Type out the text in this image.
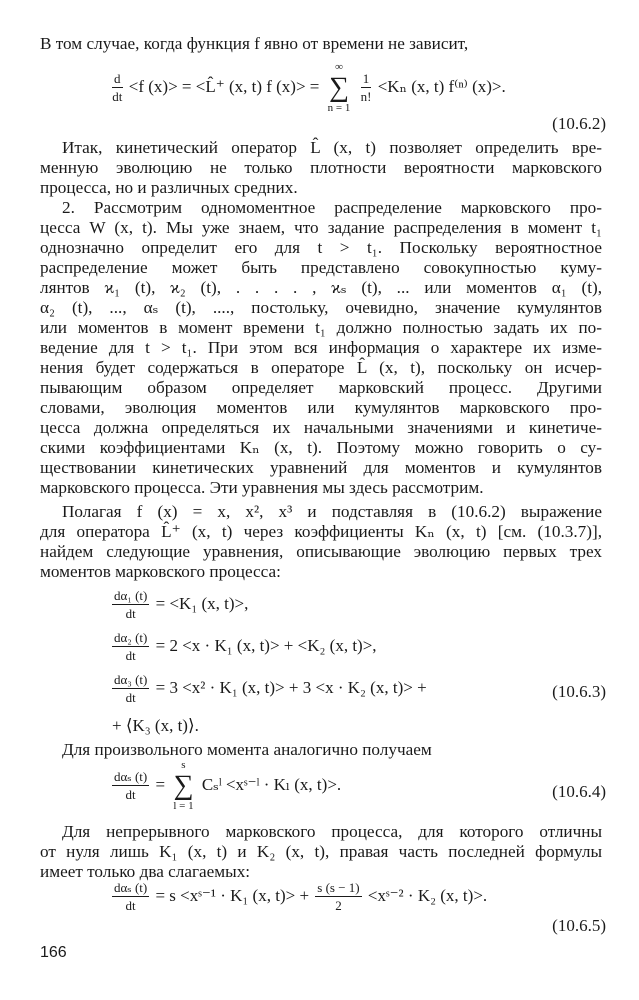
В том случае, когда функция f явно от времени не зависит,
$\frac{d}{dt} <f$ (x)> = <L̂⁺ (x, t) f (x)> =
∞
∑
n = 1

$\frac{1}{n!} <K_n$ (x, t) f⁽ⁿ⁾ (x)>.
(10.6.2)
Итак, кинетический оператор L̂ (x, t) позволяет определить вре-
менную эволюцию не только плотности вероятности марковского
процесса, но и различных средних.
2. Рассмотрим одномоментное распределение марковского про-
цесса W (x, t). Мы уже знаем, что задание распределения в момент t₁
однозначно определит его для t > t₁. Поскольку вероятностное
распределение может быть представлено совокупностью куму-
лянтов ϰ₁ (t), ϰ₂ (t), . . . . , ϰₛ (t), ... или моментов α₁ (t),
α₂ (t), ..., αₛ (t), ...., постольку, очевидно, значение кумулянтов
или моментов в момент времени t₁ должно полностью задать их по-
ведение для t > t₁. При этом вся информация о характере их изме-
нения будет содержаться в операторе L̂ (x, t), поскольку он исчер-
пывающим образом определяет марковский процесс. Другими
словами, эволюция моментов или кумулянтов марковского про-
цесса должна определяться их начальными значениями и кинетиче-
скими коэффициентами Kₙ (x, t). Поэтому можно говорить о су-
ществовании кинетических уравнений для моментов и кумулянтов
марковского процесса. Эти уравнения мы здесь рассмотрим.
Полагая f (x) = x, x², x³ и подставляя в (10.6.2) выражение
для оператора L̂⁺ (x, t) через коэффициенты Kₙ (x, t) [см. (10.3.7)],
найдем следующие уравнения, описывающие эволюцию первых трех
моментов марковского процесса:
$\frac{\text{dα₁ (t)}}{dt} = <K_1$ (x, t)>,
$\frac{\text{dα₂ (t)}}{dt} = 2 <x \cdot K_1$ (x, t)> + <K₂ (x, t)>,
$\frac{\text{dα₃ (t)}}{dt} = 3 <x^2 \cdot K_1$ (x, t)> + 3 <x · K₂ (x, t)> +	(10.6.3)
+ ⟨K₃ (x, t)⟩.
Для произвольного момента аналогично получаем
$\frac{\text{dαₛ (t)}}{dt}$ =
s
∑
l = 1
Cₛˡ <xˢ⁻ˡ · Kₗ (x, t)>.	(10.6.4)
Для непрерывного марковского процесса, для которого отличны
от нуля лишь K₁ (x, t) и K₂ (x, t), правая часть последней формулы
имеет только два слагаемых:
$\frac{\text{dαₛ (t)}}{dt} = s$ <xˢ⁻¹ · K₁ (x, $t)> + \frac{s (s - 1)}{2}$ <xˢ⁻² · K₂ (x, t)>.
(10.6.5)
166
